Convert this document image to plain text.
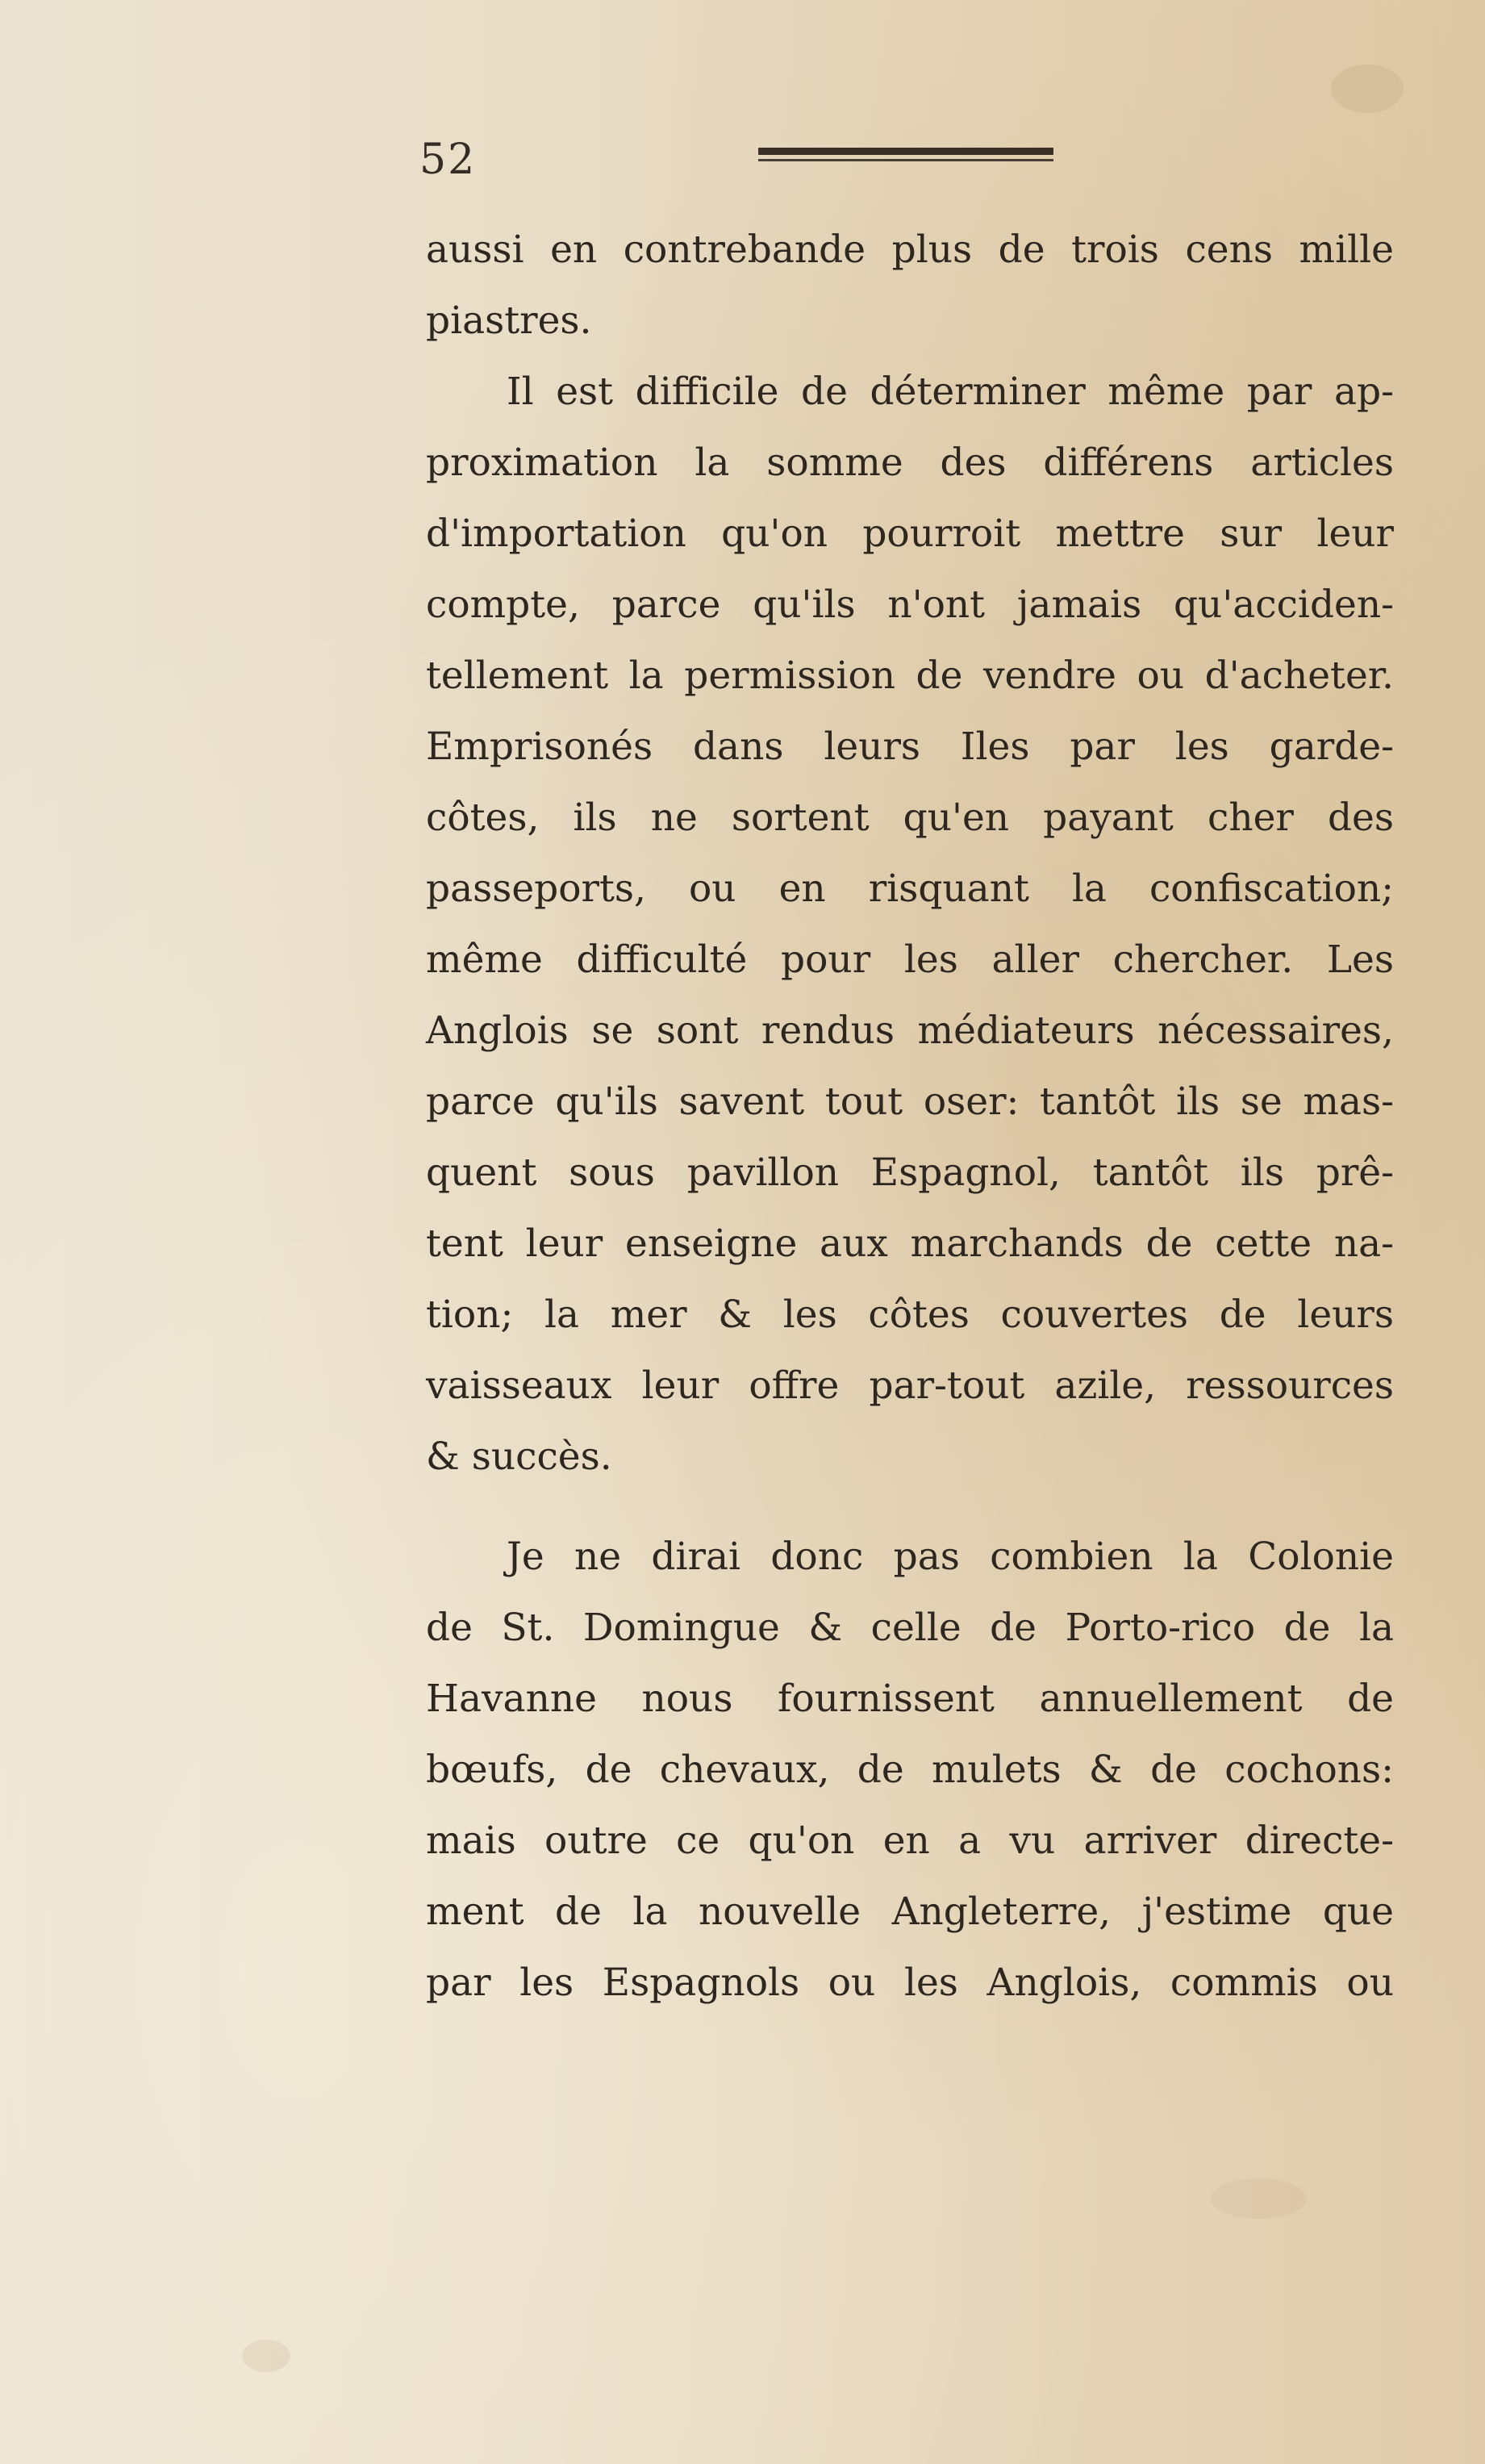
52
aussi en contrebande plus de trois cens mille
piastres.
Il est difficile de déterminer même par ap-
proximation la somme des différens articles
d'importation qu'on pourroit mettre sur leur
compte, parce qu'ils n'ont jamais qu'acciden-
tellement la permission de vendre ou d'acheter.
Emprisonés dans leurs Iles par les garde-
côtes, ils ne sortent qu'en payant cher des
passeports, ou en risquant la confiscation;
même difficulté pour les aller chercher. Les
Anglois se sont rendus médiateurs nécessaires,
parce qu'ils savent tout oser: tantôt ils se mas-
quent sous pavillon Espagnol, tantôt ils prê-
tent leur enseigne aux marchands de cette na-
tion; la mer & les côtes couvertes de leurs
vaisseaux leur offre par-tout azile, ressources
& succès.
Je ne dirai donc pas combien la Colonie
de St. Domingue & celle de Porto-rico de la
Havanne nous fournissent annuellement de
bœufs, de chevaux, de mulets & de cochons:
mais outre ce qu'on en a vu arriver directe-
ment de la nouvelle Angleterre, j'estime que
par les Espagnols ou les Anglois, commis ou
